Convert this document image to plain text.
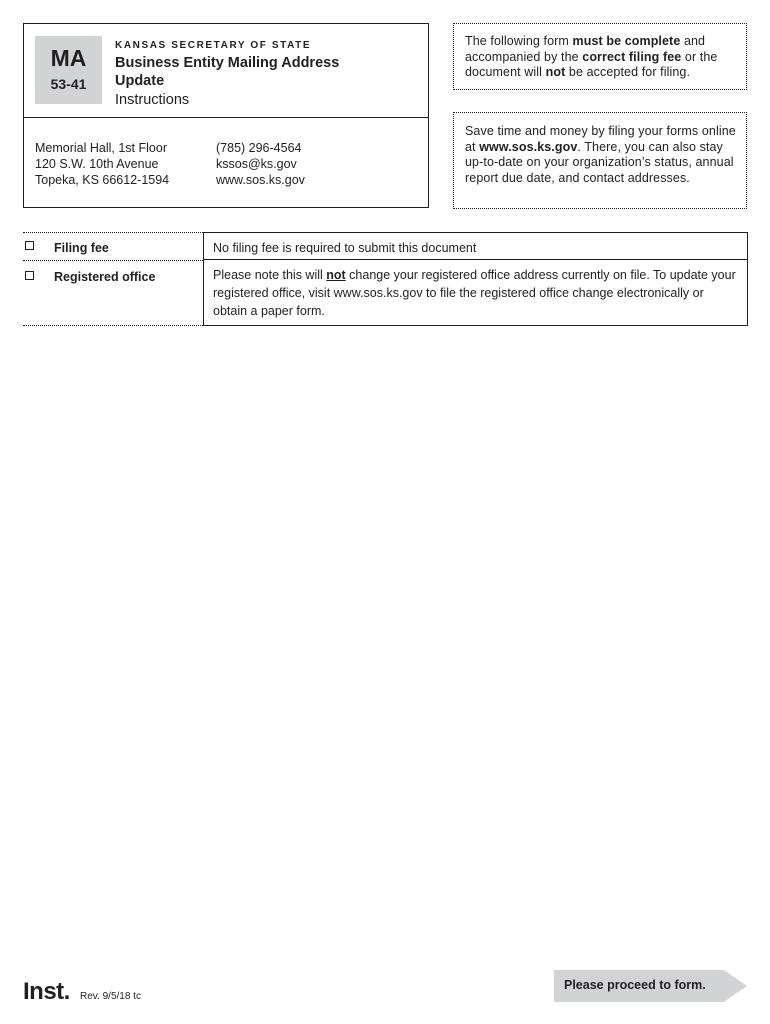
MA
53-41
KANSAS SECRETARY OF STATE
Business Entity Mailing Address Update
Instructions
Memorial Hall, 1st Floor
120 S.W. 10th Avenue
Topeka, KS 66612-1594
(785) 296-4564
kssos@ks.gov
www.sos.ks.gov
The following form must be complete and accompanied by the correct filing fee or the document will not be accepted for filing.
Save time and money by filing your forms online at www.sos.ks.gov. There, you can also stay up-to-date on your organization’s status, annual report due date, and contact addresses.
Filing fee	No filing fee is required to submit this document
Registered office	Please note this will not change your registered office address currently on file. To update your registered office, visit www.sos.ks.gov to file the registered office change electronically or obtain a paper form.
Inst. Rev. 9/5/18 tc
Please proceed to form.
